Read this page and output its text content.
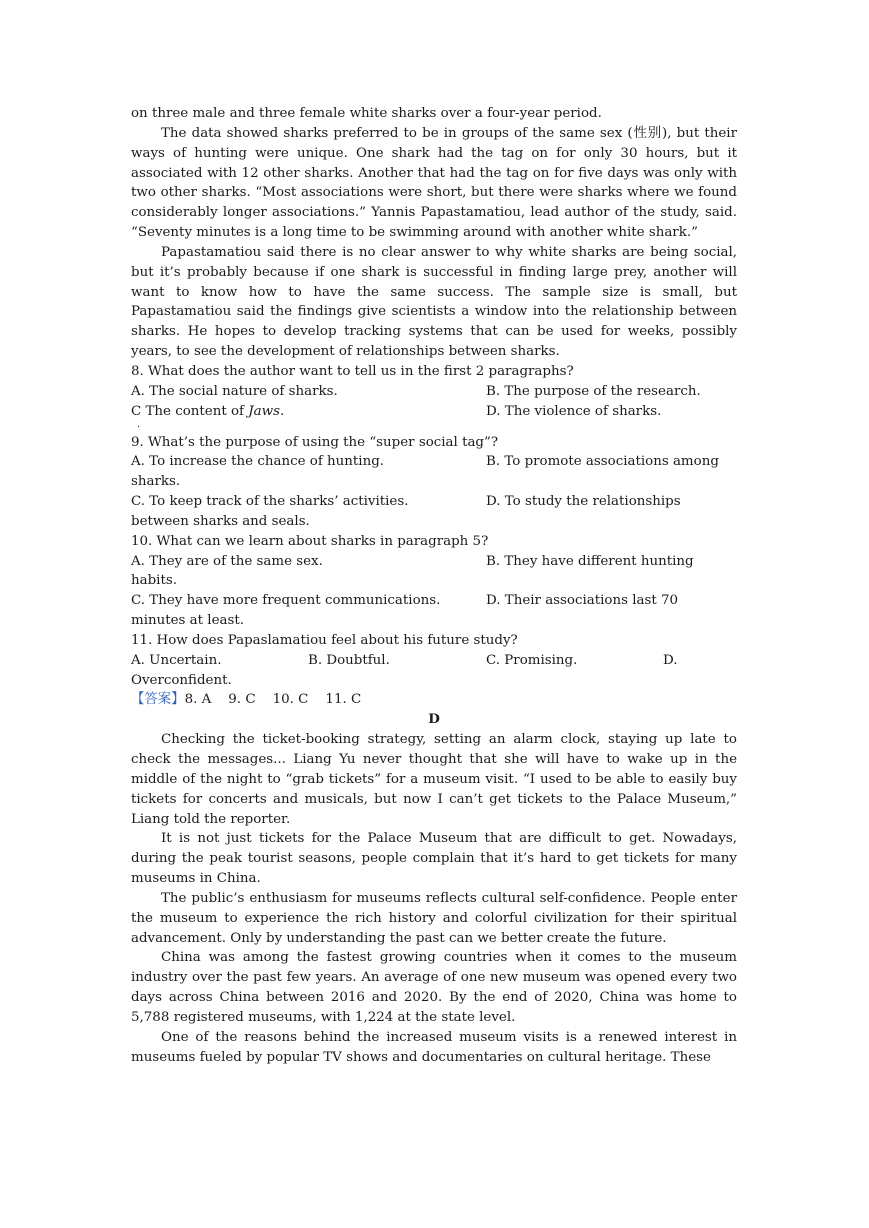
on three male and three female white sharks over a four-year period.

The data showed sharks preferred to be in groups of the same sex (性别), but their ways of hunting were unique. One shark had the tag on for only 30 hours, but it associated with 12 other sharks. Another that had the tag on for five days was only with two other sharks. “Most associations were short, but there were sharks where we found considerably longer associations.” Yannis Papastamatiou, lead author of the study, said. “Seventy minutes is a long time to be swimming around with another white shark.”

Papastamatiou said there is no clear answer to why white sharks are being social, but it’s probably because if one shark is successful in finding large prey, another will want to know how to have the same success. The sample size is small, but Papastamatiou said the findings give scientists a window into the relationship between sharks. He hopes to develop tracking systems that can be used for weeks, possibly years, to see the development of relationships between sharks.

8. What does the author want to tell us in the first 2 paragraphs?
A. The social nature of sharks.	B. The purpose of the research.
C The content of Jaws.	D. The violence of sharks.
·
9. What’s the purpose of using the “super social tag”?
A. To increase the chance of hunting.	B. To promote associations among
sharks.
C. To keep track of the sharks’ activities.	D. To study the relationships
between sharks and seals.
10. What can we learn about sharks in paragraph 5?
A. They are of the same sex.	B. They have different hunting
habits.
C. They have more frequent communications.	D. Their associations last 70
minutes at least.
11. How does Papaslamatiou feel about his future study?
A. Uncertain.	B. Doubtful.	C. Promising.	D.
Overconfident.
【答案】8. A    9. C    10. C    11. C
D

Checking the ticket-booking strategy, setting an alarm clock, staying up late to check the messages... Liang Yu never thought that she will have to wake up in the middle of the night to “grab tickets” for a museum visit. “I used to be able to easily buy tickets for concerts and musicals, but now I can’t get tickets to the Palace Museum,” Liang told the reporter.

It is not just tickets for the Palace Museum that are difficult to get. Nowadays, during the peak tourist seasons, people complain that it’s hard to get tickets for many museums in China.

The public’s enthusiasm for museums reflects cultural self-confidence. People enter the museum to experience the rich history and colorful civilization for their spiritual advancement. Only by understanding the past can we better create the future.

China was among the fastest growing countries when it comes to the museum industry over the past few years. An average of one new museum was opened every two days across China between 2016 and 2020. By the end of 2020, China was home to 5,788 registered museums, with 1,224 at the state level.

One of the reasons behind the increased museum visits is a renewed interest in museums fueled by popular TV shows and documentaries on cultural heritage. These
